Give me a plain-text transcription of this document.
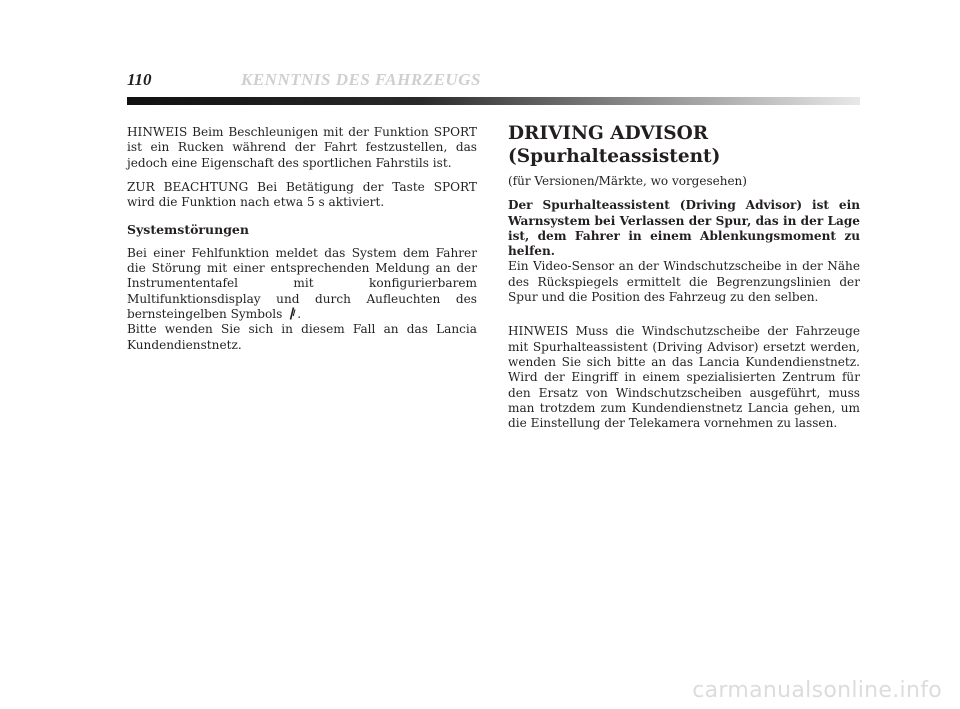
110	KENNTNIS DES FAHRZEUGS

HINWEIS Beim Beschleunigen mit der Funktion SPORT ist ein Rucken während der Fahrt festzustellen, das jedoch eine Eigenschaft des sportlichen Fahrstils ist.

ZUR BEACHTUNG Bei Betätigung der Taste SPORT wird die Funktion nach etwa 5 s aktiviert.

Systemstörungen

Bei einer Fehlfunktion meldet das System dem Fahrer die Störung mit einer entsprechenden Meldung an der Instrumententafel mit konfigurierbarem Multifunktionsdisplay und durch Aufleuchten des bernsteingelben Symbols .

Bitte wenden Sie sich in diesem Fall an das Lancia Kundendienstnetz.

DRIVING ADVISOR
(Spurhalteassistent)

(für Versionen/Märkte, wo vorgesehen)

Der Spurhalteassistent (Driving Advisor) ist ein Warnsystem bei Verlassen der Spur, das in der Lage ist, dem Fahrer in einem Ablenkungsmoment zu helfen.
Ein Video-Sensor an der Windschutzscheibe in der Nähe des Rückspiegels ermittelt die Begrenzungslinien der Spur und die Position des Fahrzeug zu den selben.

HINWEIS Muss die Windschutzscheibe der Fahrzeuge mit Spurhalteassistent (Driving Advisor) ersetzt werden, wenden Sie sich bitte an das Lancia Kundendienstnetz. Wird der Eingriff in einem spezialisierten Zentrum für den Ersatz von Windschutzscheiben ausgeführt, muss man trotzdem zum Kundendienstnetz Lancia gehen, um die Einstellung der Telekamera vornehmen zu lassen.

carmanualsonline.info
